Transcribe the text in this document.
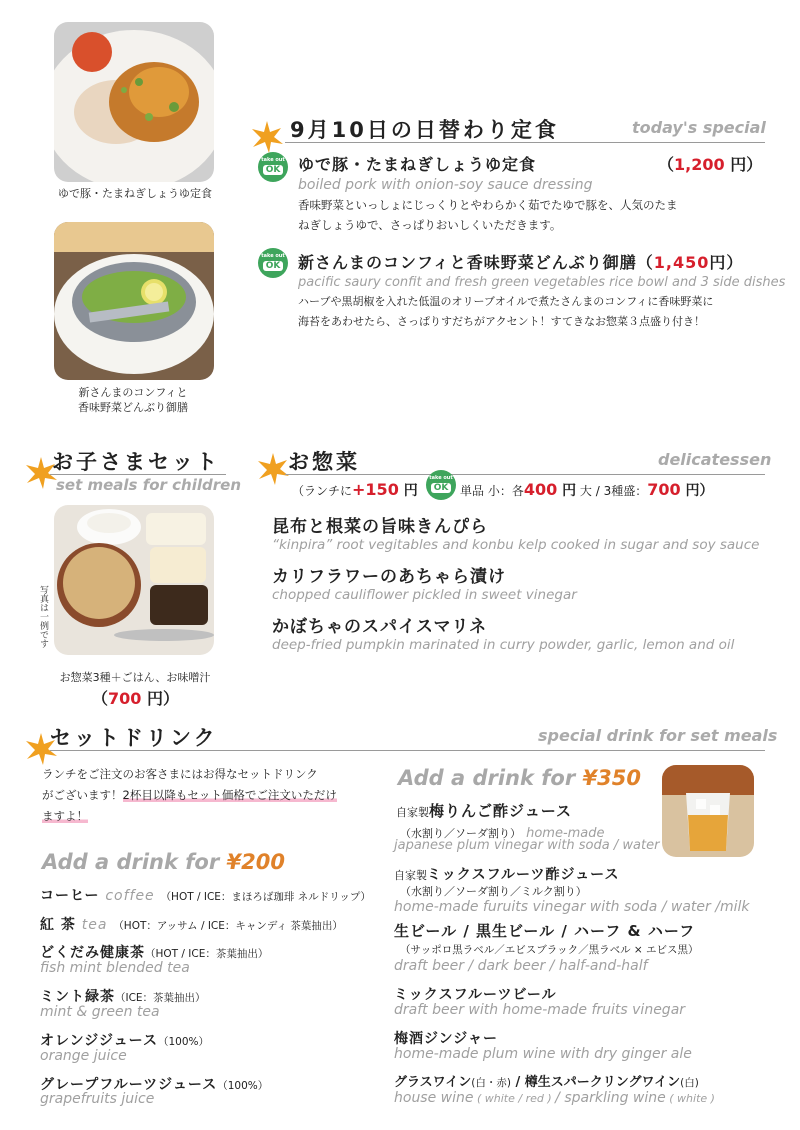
ゆで豚・たまねぎしょうゆ定食
新さんまのコンフィと
香味野菜どんぶり御膳
写真は一例です
お惣菜3種＋ごはん、お味噌汁
（700 円）
9月10日の日替わり定食	today's special
take out
OK ゆで豚・たまねぎしょうゆ定食	（1,200 円）
boiled pork with onion-soy sauce dressing
香味野菜といっしょにじっくりとやわらかく茹でたゆで豚を、人気のたま
ねぎしょうゆで、さっぱりおいしくいただきます。
take out
OK 新さんまのコンフィと香味野菜どんぶり御膳（1,450円）
pacific saury confit and fresh green vegetables rice bowl and 3 side dishes
ハーブや黒胡椒を入れた低温のオリーブオイルで煮たさんまのコンフィに香味野菜に
海苔をあわせたら、さっぱりすだちがアクセント！すてきなお惣菜３点盛り付き！
お子さまセット
set meals for children
お惣菜	delicatessen
（ランチに+150 円
take out
OK 単品 小：各400 円 大 / 3種盛：700 円）
昆布と根菜の旨味きんぴら
“kinpira” root vegitables and konbu kelp cooked in sugar and soy sauce
カリフラワーのあちゃら漬け
chopped cauliflower pickled in sweet vinegar
かぼちゃのスパイスマリネ
deep-fried pumpkin marinated in curry powder, garlic, lemon and oil
セットドリンク	special drink for set meals
ランチをご注文のお客さまにはお得なセットドリンク
がございます！2杯目以降もセット価格でご注文いただけ
ますよ！
Add a drink for ¥200
コーヒー coffee （HOT / ICE：まほろば珈琲 ネルドリップ）
紅 茶 tea （HOT：アッサム / ICE：キャンディ 茶葉抽出）
どくだみ健康茶（HOT / ICE：茶葉抽出）
fish mint blended tea
ミント緑茶（ICE：茶葉抽出）
mint & green tea
オレンジジュース（100%）
orange juice
グレープフルーツジュース（100%）
grapefruits juice
Add a drink for ¥350
自家製梅りんご酢ジュース
（水割り／ソーダ割り） home-made
japanese plum vinegar with soda / water
自家製ミックスフルーツ酢ジュース
（水割り／ソーダ割り／ミルク割り）
home-made furuits vinegar with soda / water /milk
生ビール / 黒生ビール / ハーフ & ハーフ
（サッポロ黒ラベル／エビスブラック／黒ラベル × エビス黒）
draft beer / dark beer / half-and-half
ミックスフルーツビール
draft beer with home-made fruits vinegar
梅酒ジンジャー
home-made plum wine with dry ginger ale
グラスワイン(白・赤) / 樽生スパークリングワイン(白)
house wine ( white / red ) / sparkling wine ( white )
